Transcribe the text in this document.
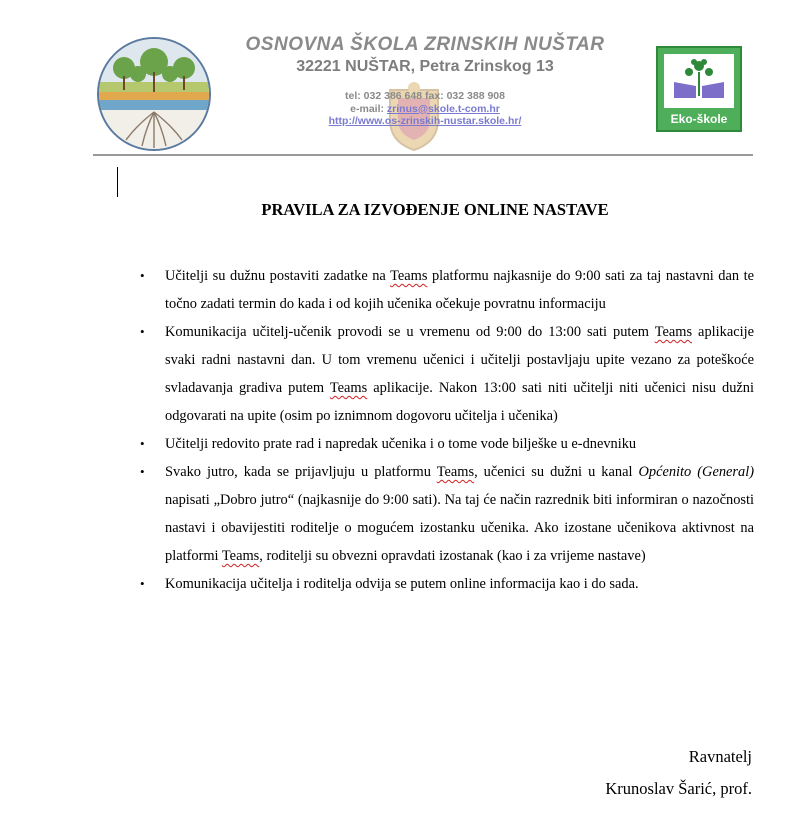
OSNOVNA ŠKOLA ZRINSKIH NUŠTAR
32221 NUŠTAR, Petra Zrinskog 13
tel: 032 386 648 fax: 032 388 908
e-mail: zrinus@skole.t-com.hr
http://www.os-zrinskih-nustar.skole.hr/	Eko-škole
PRAVILA ZA IZVOĐENJE ONLINE NASTAVE
• Učitelji su dužnu postaviti zadatke na Teams platformu najkasnije do 9:00 sati za taj nastavni dan te točno zadati termin do kada i od kojih učenika očekuje povratnu informaciju
• Komunikacija učitelj-učenik provodi se u vremenu od 9:00 do 13:00 sati putem Teams aplikacije svaki radni nastavni dan. U tom vremenu učenici i učitelji postavljaju upite vezano za poteškoće svladavanja gradiva putem Teams aplikacije. Nakon 13:00 sati niti učitelji niti učenici nisu dužni odgovarati na upite (osim po iznimnom dogovoru učitelja i učenika)
• Učitelji redovito prate rad i napredak učenika i o tome vode bilješke u e-dnevniku
• Svako jutro, kada se prijavljuju u platformu Teams, učenici su dužni u kanal Općenito (General) napisati „Dobro jutro“ (najkasnije do 9:00 sati). Na taj će način razrednik biti informiran o nazočnosti nastavi i obavijestiti roditelje o mogućem izostanku učenika. Ako izostane učenikova aktivnost na platformi Teams, roditelji su obvezni opravdati izostanak (kao i za vrijeme nastave)
• Komunikacija učitelja i roditelja odvija se putem online informacija kao i do sada.
Ravnatelj
Krunoslav Šarić, prof.
